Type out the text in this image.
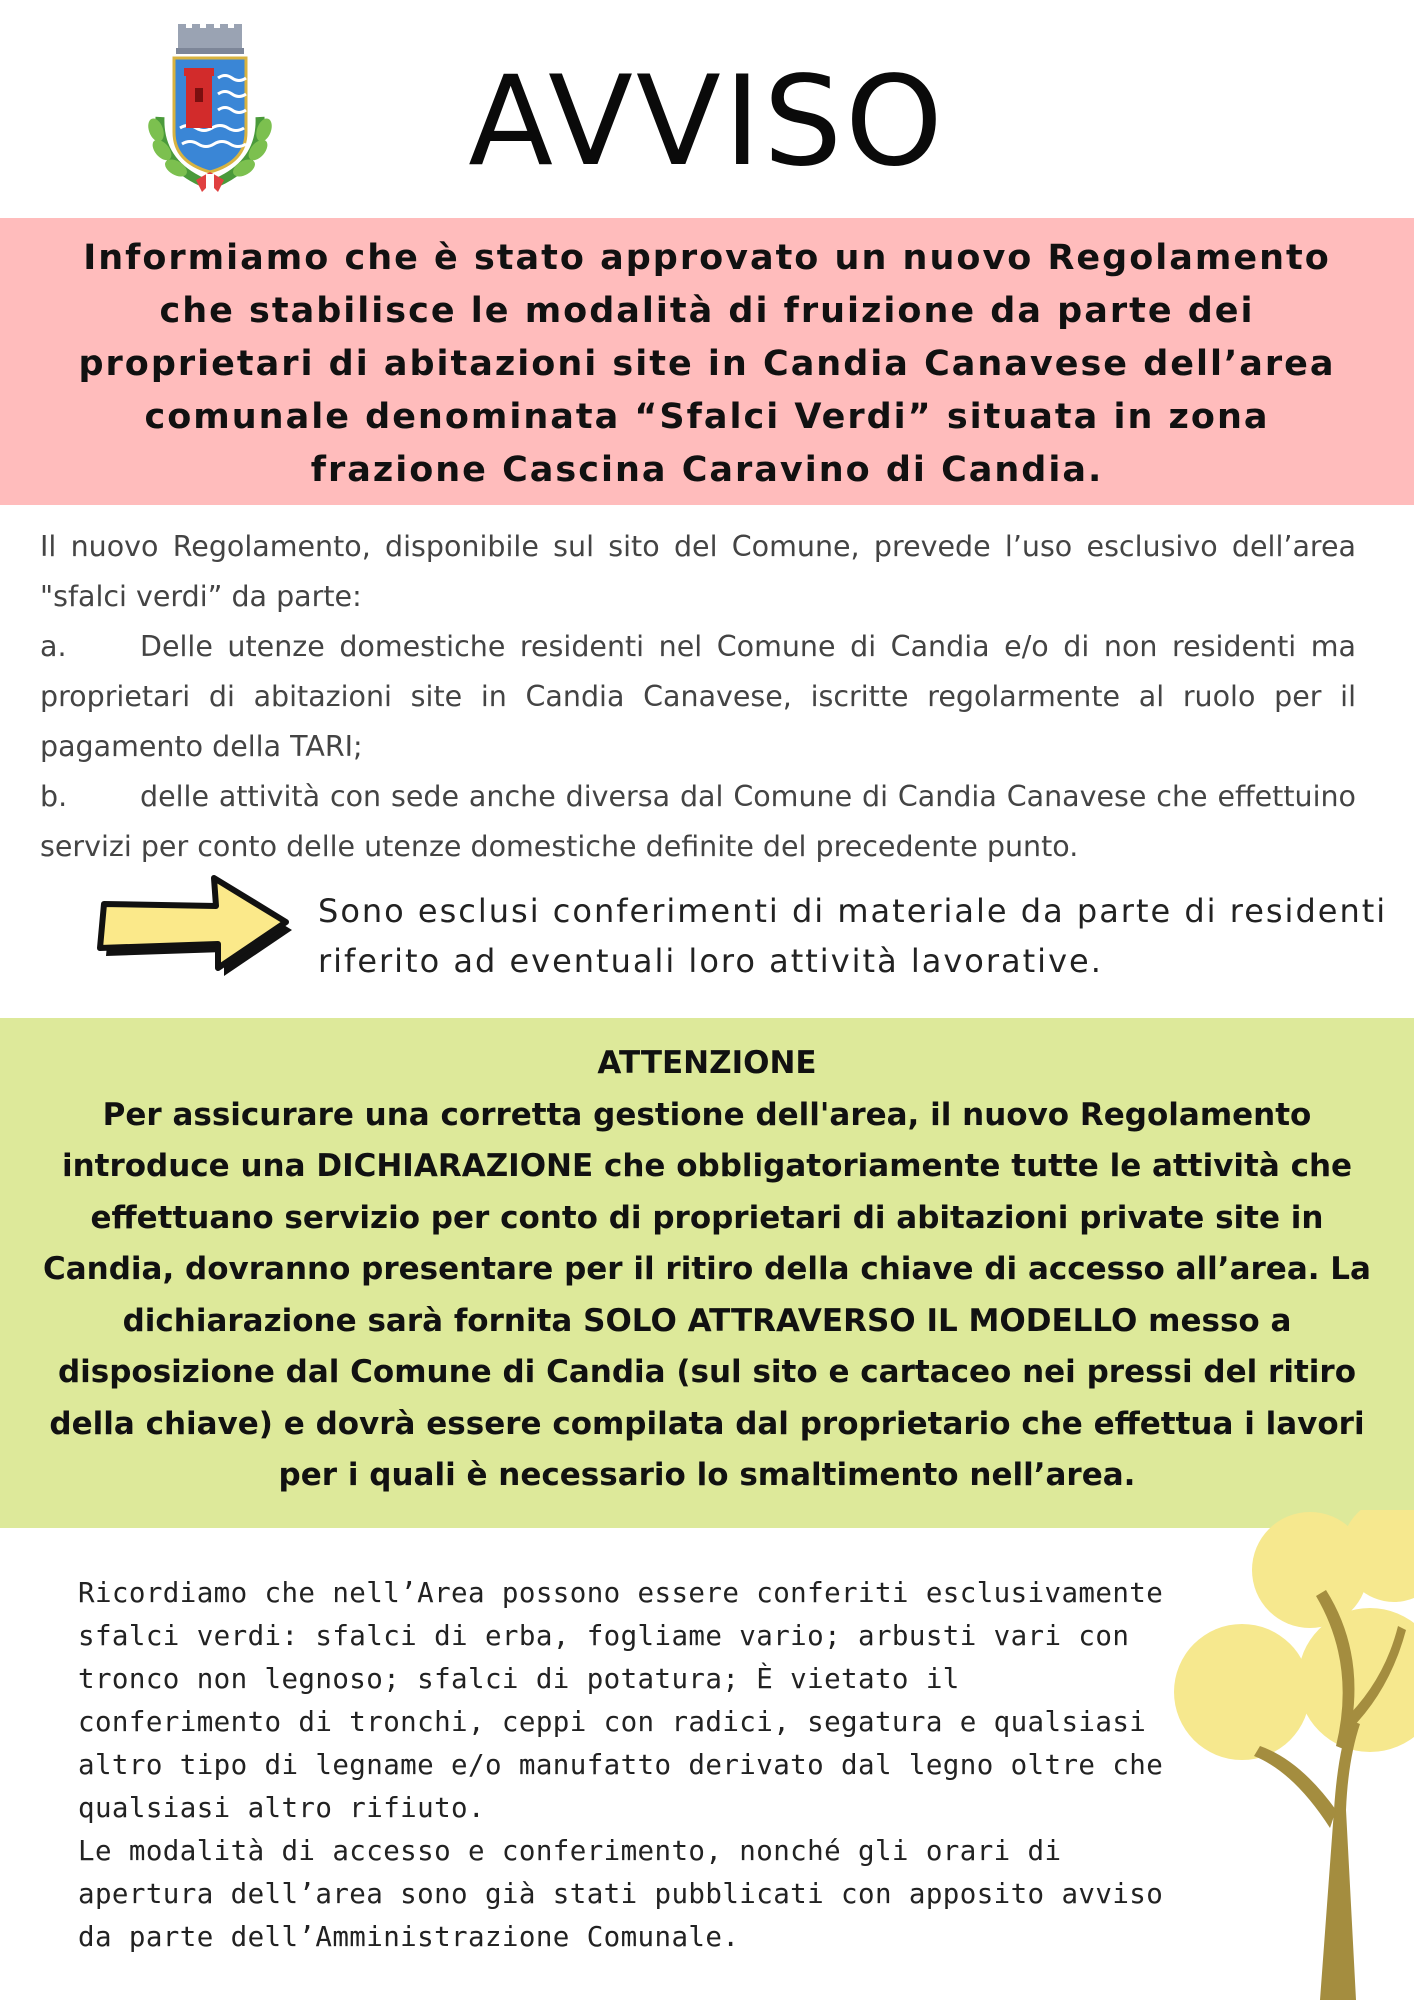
AVVISO
Informiamo che è stato approvato un nuovo Regolamento che stabilisce le modalità di fruizione da parte dei proprietari di abitazioni site in Candia Canavese dell’area comunale denominata “Sfalci Verdi” situata in zona frazione Cascina Caravino di Candia.

Il nuovo Regolamento, disponibile sul sito del Comune, prevede l’uso esclusivo dell’area "sfalci verdi” da parte:

a.	Delle utenze domestiche residenti nel Comune di Candia e/o di non residenti ma proprietari di abitazioni site in Candia Canavese, iscritte regolarmente al ruolo per il pagamento della TARI;

b.	delle attività con sede anche diversa dal Comune di Candia Canavese che effettuino servizi per conto delle utenze domestiche definite del precedente punto.

Sono esclusi conferimenti di materiale da parte di residenti riferito ad eventuali loro attività lavorative.
ATTENZIONE
Per assicurare una corretta gestione dell'area, il nuovo Regolamento introduce una DICHIARAZIONE che obbligatoriamente tutte le attività che effettuano servizio per conto di proprietari di abitazioni private site in Candia, dovranno presentare per il ritiro della chiave di accesso all’area. La dichiarazione sarà fornita SOLO ATTRAVERSO IL MODELLO messo a disposizione dal Comune di Candia (sul sito e cartaceo nei pressi del ritiro della chiave) e dovrà essere compilata dal proprietario che effettua i lavori per i quali è necessario lo smaltimento nell’area.

Ricordiamo che nell’Area possono essere conferiti esclusivamente sfalci verdi: sfalci di erba, fogliame vario; arbusti vari con tronco non legnoso; sfalci di potatura; È vietato il conferimento di tronchi, ceppi con radici, segatura e qualsiasi altro tipo di legname e/o manufatto derivato dal legno oltre che qualsiasi altro rifiuto.

Le modalità di accesso e conferimento, nonché gli orari di apertura dell’area sono già stati pubblicati con apposito avviso da parte dell’Amministrazione Comunale.
